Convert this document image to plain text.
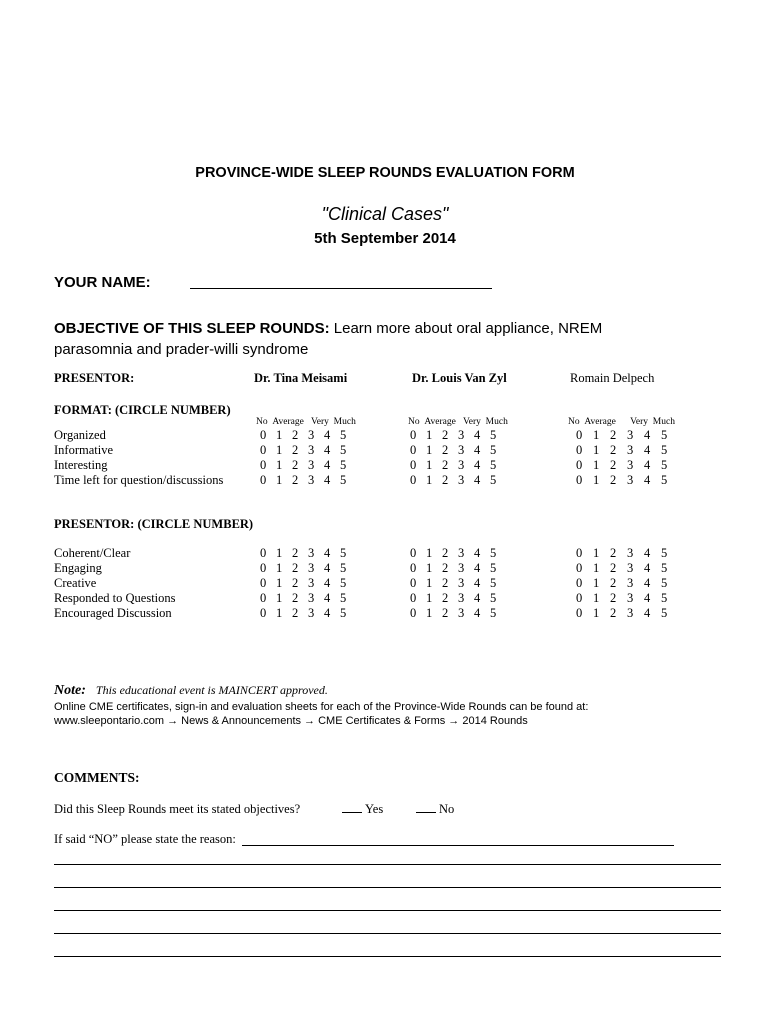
PROVINCE-WIDE SLEEP ROUNDS EVALUATION FORM
"Clinical Cases"
5th September 2014
YOUR NAME:
OBJECTIVE OF THIS SLEEP ROUNDS: Learn more about oral appliance, NREM parasomnia and prader-willi syndrome
PRESENTOR:	Dr. Tina Meisami	Dr. Louis Van Zyl	Romain Delpech
FORMAT: (CIRCLE NUMBER)
No Average Very Much	No Average Very Much	No Average Very Much
Organized	0 1 2 3 4 5	0 1 2 3 4 5	0 1 2 3 4 5
Informative	0 1 2 3 4 5	0 1 2 3 4 5	0 1 2 3 4 5
Interesting	0 1 2 3 4 5	0 1 2 3 4 5	0 1 2 3 4 5
Time left for question/discussions	0 1 2 3 4 5	0 1 2 3 4 5	0 1 2 3 4 5
PRESENTOR: (CIRCLE NUMBER)
Coherent/Clear	0 1 2 3 4 5	0 1 2 3 4 5	0 1 2 3 4 5
Engaging	0 1 2 3 4 5	0 1 2 3 4 5	0 1 2 3 4 5
Creative	0 1 2 3 4 5	0 1 2 3 4 5	0 1 2 3 4 5
Responded to Questions	0 1 2 3 4 5	0 1 2 3 4 5	0 1 2 3 4 5
Encouraged Discussion	0 1 2 3 4 5	0 1 2 3 4 5	0 1 2 3 4 5
Note: This educational event is MAINCERT approved.
Online CME certificates, sign-in and evaluation sheets for each of the Province-Wide Rounds can be found at:
www.sleepontario.com → News & Announcements → CME Certificates & Forms → 2014 Rounds
COMMENTS:
Did this Sleep Rounds meet its stated objectives?	Yes	No
If said “NO” please state the reason:
